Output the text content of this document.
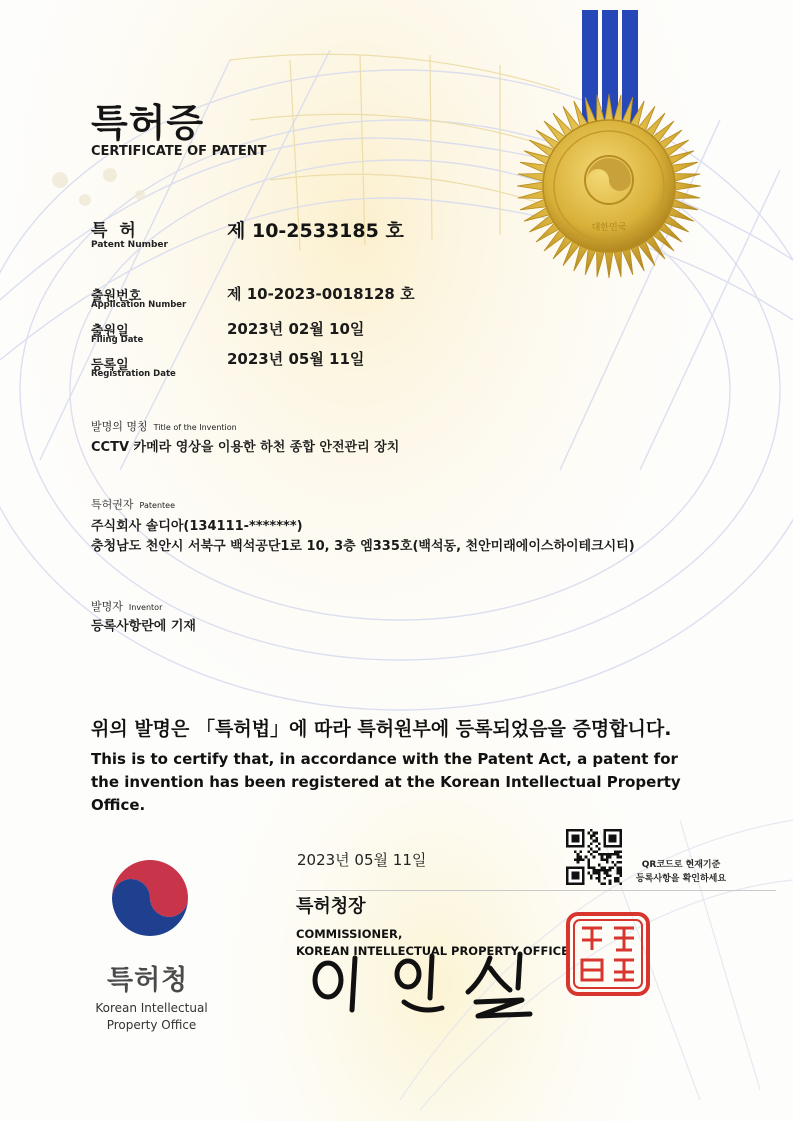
대한민국
특허증
CERTIFICATE OF PATENT
특 허
Patent Number
제 10-2533185 호
출원번호
Application Number
제 10-2023-0018128 호
출원일
Filing Date
2023년 02월 10일
등록일
Registration Date
2023년 05월 11일
발명의 명칭 Title of the Invention
CCTV 카메라 영상을 이용한 하천 종합 안전관리 장치
특허권자 Patentee
주식회사 솔디아(134111-*******)
충청남도 천안시 서북구 백석공단1로 10, 3층 엠335호(백석동, 천안미래에이스하이테크시티)
발명자 Inventor
등록사항란에 기재
위의 발명은 「특허법」에 따라 특허원부에 등록되었음을 증명합니다.
This is to certify that, in accordance with the Patent Act, a patent for the invention has been registered at the Korean Intellectual Property Office.
2023년 05월 11일	QR코드로 현재기준
등록사항을 확인하세요
특허청장
COMMISSIONER,
KOREAN INTELLECTUAL PROPERTY OFFICE
특허청
Korean Intellectual Property Office
